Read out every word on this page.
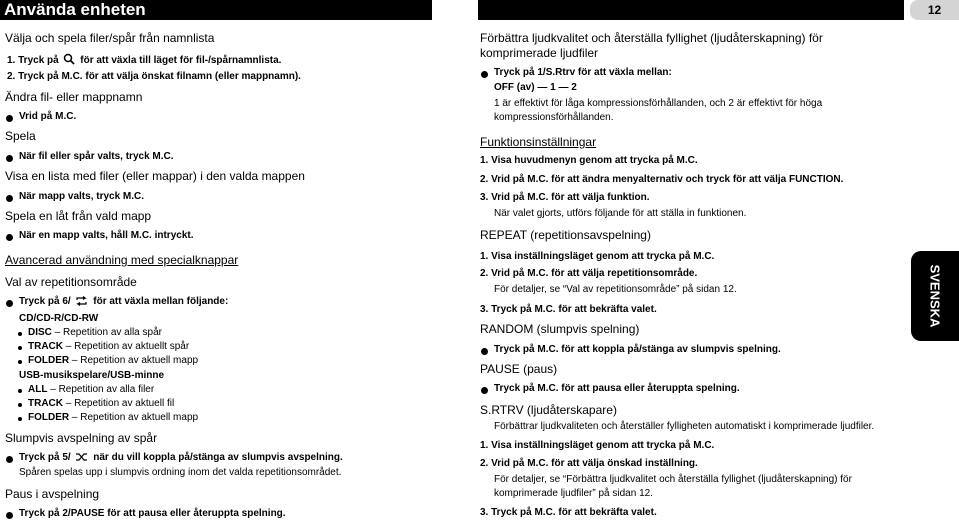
Använda enheten	12
SVENSKA
Välja och spela filer/spår från namnlista
1. Tryck på för att växla till läget för fil-/spårnamnlista.
2. Tryck på M.C. för att välja önskat filnamn (eller mappnamn).
Ändra fil- eller mappnamn
Vrid på M.C.
Spela
När fil eller spår valts, tryck M.C.
Visa en lista med filer (eller mappar) i den valda mappen
När mapp valts, tryck M.C.
Spela en låt från vald mapp
När en mapp valts, håll M.C. intryckt.
Avancerad användning med specialknappar
Val av repetitionsområde
Tryck på 6/ för att växla mellan följande:
CD/CD-R/CD-RW
DISC – Repetition av alla spår
TRACK – Repetition av aktuellt spår
FOLDER – Repetition av aktuell mapp
USB-musikspelare/USB-minne
ALL – Repetition av alla filer
TRACK – Repetition av aktuell fil
FOLDER – Repetition av aktuell mapp
Slumpvis avspelning av spår
Tryck på 5/ när du vill koppla på/stänga av slumpvis avspelning.
Spåren spelas upp i slumpvis ordning inom det valda repetitionsområdet.
Paus i avspelning
Tryck på 2/PAUSE för att pausa eller återuppta spelning.
Förbättra ljudkvalitet och återställa fyllighet (ljudåterskapning) för
komprimerade ljudfiler
Tryck på 1/S.Rtrv för att växla mellan:
OFF (av) — 1 — 2
1 är effektivt för låga kompressionsförhållanden, och 2 är effektivt för höga
kompressionsförhållanden.
Funktionsinställningar
1. Visa huvudmenyn genom att trycka på M.C.
2. Vrid på M.C. för att ändra menyalternativ och tryck för att välja FUNCTION.
3. Vrid på M.C. för att välja funktion.
När valet gjorts, utförs följande för att ställa in funktionen.
REPEAT (repetitionsavspelning)
1. Visa inställningsläget genom att trycka på M.C.
2. Vrid på M.C. för att välja repetitionsområde.
För detaljer, se “Val av repetitionsområde” på sidan 12.
3. Tryck på M.C. för att bekräfta valet.
RANDOM (slumpvis spelning)
Tryck på M.C. för att koppla på/stänga av slumpvis spelning.
PAUSE (paus)
Tryck på M.C. för att pausa eller återuppta spelning.
S.RTRV (ljudåterskapare)
Förbättrar ljudkvaliteten och återställer fylligheten automatiskt i komprimerade ljudfiler.
1. Visa inställningsläget genom att trycka på M.C.
2. Vrid på M.C. för att välja önskad inställning.
För detaljer, se “Förbättra ljudkvalitet och återställa fyllighet (ljudåterskapning) för
komprimerade ljudfiler” på sidan 12.
3. Tryck på M.C. för att bekräfta valet.
